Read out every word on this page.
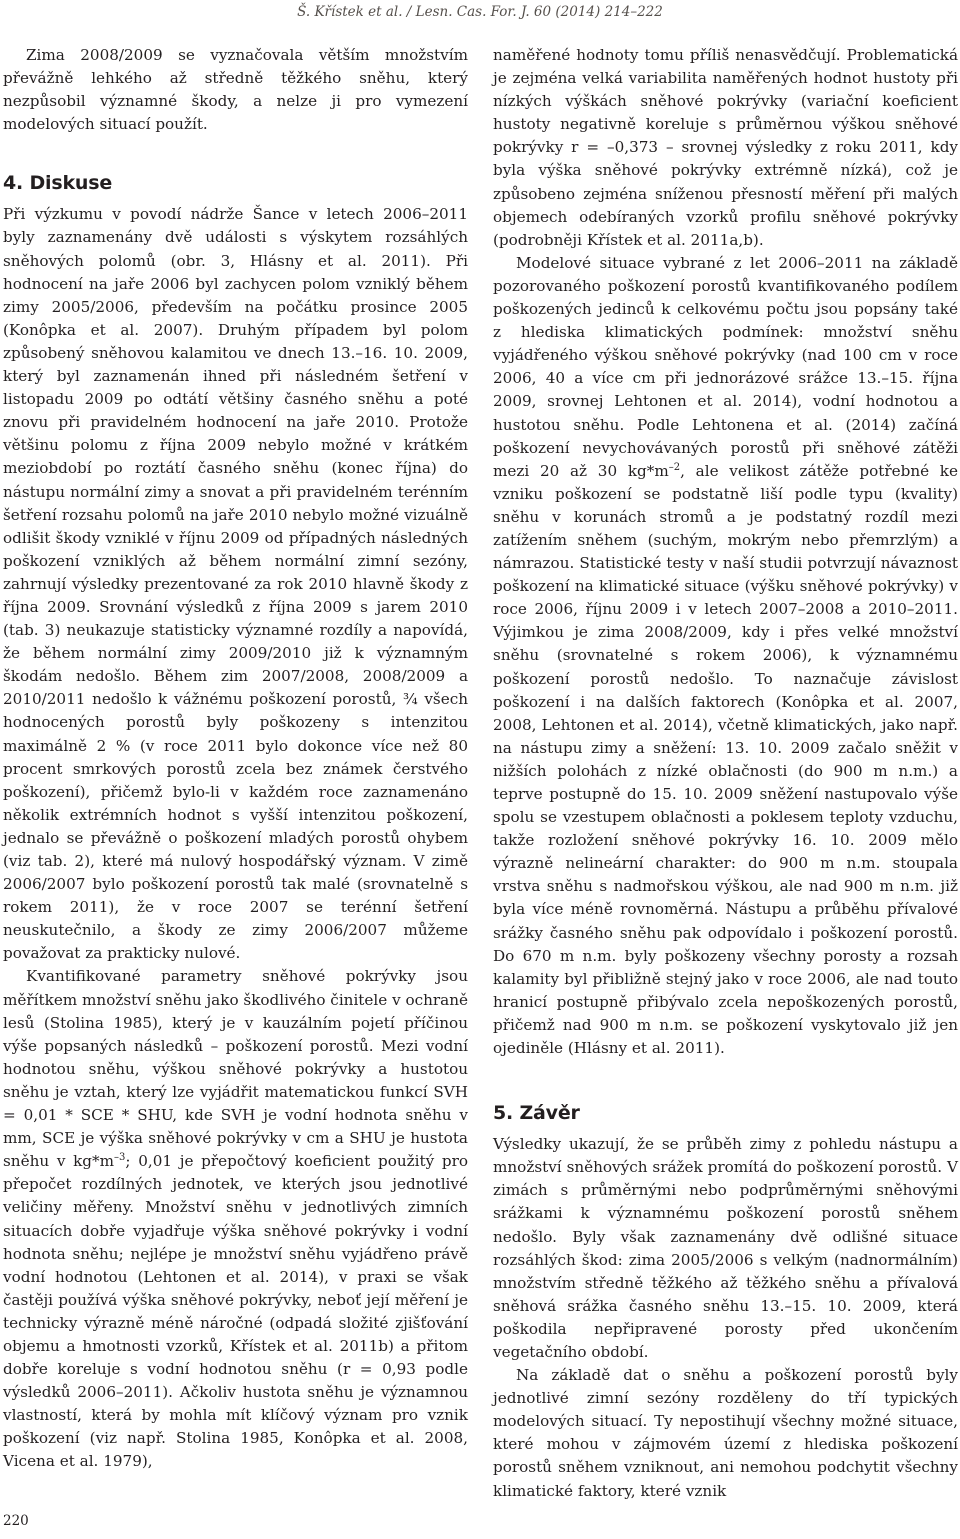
Š. Křístek et al. / Lesn. Cas. For. J. 60 (2014) 214–222

Zima 2008/2009 se vyznačovala větším množstvím převážně lehkého až středně těžkého sněhu, který nezpůsobil významné škody, a nelze ji pro vymezení modelových situací použít.

4. Diskuse

Při výzkumu v povodí nádrže Šance v letech 2006–2011 byly zaznamenány dvě události s výskytem rozsáhlých sněhových polomů (obr. 3, Hlásny et al. 2011). Při hodnocení na jaře 2006 byl zachycen polom vzniklý během zimy 2005/2006, především na počátku prosince 2005 (Konôpka et al. 2007). Druhým případem byl polom způsobený sněhovou kalamitou ve dnech 13.–16. 10. 2009, který byl zaznamenán ihned při následném šetření v listopadu 2009 po odtátí většiny časného sněhu a poté znovu při pravidelném hodnocení na jaře 2010. Protože většinu polomu z října 2009 nebylo možné v krátkém meziobdobí po roztátí časného sněhu (konec října) do nástupu normální zimy a snovat a při pravidelném terénním šetření rozsahu polomů na jaře 2010 nebylo možné vizuálně odlišit škody vzniklé v říjnu 2009 od případných následných poškození vzniklých až během normální zimní sezóny, zahrnují výsledky prezentované za rok 2010 hlavně škody z října 2009. Srovnání výsledků z října 2009 s jarem 2010 (tab. 3) neukazuje statisticky významné rozdíly a napovídá, že během normální zimy 2009/2010 již k významným škodám nedošlo. Během zim 2007/2008, 2008/2009 a 2010/2011 nedošlo k vážnému poškození porostů, ¾ všech hodnocených porostů byly poškozeny s intenzitou maximálně 2 % (v roce 2011 bylo dokonce více než 80 procent smrkových porostů zcela bez známek čerstvého poškození), přičemž bylo-li v každém roce zaznamenáno několik extrémních hodnot s vyšší intenzitou poškození, jednalo se převážně o poškození mladých porostů ohybem (viz tab. 2), které má nulový hospodářský význam. V zimě 2006/2007 bylo poškození porostů tak malé (srovnatelně s rokem 2011), že v roce 2007 se terénní šetření neuskutečnilo, a škody ze zimy 2006/2007 můžeme považovat za prakticky nulové.

Kvantifikované parametry sněhové pokrývky jsou měřítkem množství sněhu jako škodlivého činitele v ochraně lesů (Stolina 1985), který je v kauzálním pojetí příčinou výše popsaných následků – poškození porostů. Mezi vodní hodnotou sněhu, výškou sněhové pokrývky a hustotou sněhu je vztah, který lze vyjádřit matematickou funkcí SVH = 0,01 * SCE * SHU, kde SVH je vodní hodnota sněhu v mm, SCE je výška sněhové pokrývky v cm a SHU je hustota sněhu v $kg*m^{-3}$; 0,01 je přepočtový koeficient použitý pro přepočet rozdílných jednotek, ve kterých jsou jednotlivé veličiny měřeny. Množství sněhu v jednotlivých zimních situacích dobře vyjadřuje výška sněhové pokrývky i vodní hodnota sněhu; nejlépe je množství sněhu vyjádřeno právě vodní hodnotou (Lehtonen et al. 2014), v praxi se však častěji používá výška sněhové pokrývky, neboť její měření je technicky výrazně méně náročné (odpadá složité zjišťování objemu a hmotnosti vzorků, Křístek et al. 2011b) a přitom dobře koreluje s vodní hodnotou sněhu (r = 0,93 podle výsledků 2006–2011). Ačkoliv hustota sněhu je významnou vlastností, která by mohla mít klíčový význam pro vznik poškození (viz např. Stolina 1985, Konôpka et al. 2008, Vicena et al. 1979),

naměřené hodnoty tomu příliš nenasvědčují. Problematická je zejména velká variabilita naměřených hodnot hustoty při nízkých výškách sněhové pokrývky (variační koeficient hustoty negativně koreluje s průměrnou výškou sněhové pokrývky r = –0,373 – srovnej výsledky z roku 2011, kdy byla výška sněhové pokrývky extrémně nízká), což je způsobeno zejména sníženou přesností měření při malých objemech odebíraných vzorků profilu sněhové pokrývky (podrobněji Křístek et al. 2011a,b).

Modelové situace vybrané z let 2006–2011 na základě pozorovaného poškození porostů kvantifikovaného podílem poškozených jedinců k celkovému počtu jsou popsány také z hlediska klimatických podmínek: množství sněhu vyjádřeného výškou sněhové pokrývky (nad 100 cm v roce 2006, 40 a více cm při jednorázové srážce 13.–15. října 2009, srovnej Lehtonen et al. 2014), vodní hodnotou a hustotou sněhu. Podle Lehtonena et al. (2014) začíná poškození nevychovávaných porostů při sněhové zátěži mezi 20 až 30 $kg*m^{-2}$, ale velikost zátěže potřebné ke vzniku poškození se podstatně liší podle typu (kvality) sněhu v korunách stromů a je podstatný rozdíl mezi zatížením sněhem (suchým, mokrým nebo přemrzlým) a námrazou. Statistické testy v naší studii potvrzují návaznost poškození na klimatické situace (výšku sněhové pokrývky) v roce 2006, říjnu 2009 i v letech 2007–2008 a 2010–2011. Výjimkou je zima 2008/2009, kdy i přes velké množství sněhu (srovnatelné s rokem 2006), k významnému poškození porostů nedošlo. To naznačuje závislost poškození i na dalších faktorech (Konôpka et al. 2007, 2008, Lehtonen et al. 2014), včetně klimatických, jako např. na nástupu zimy a sněžení: 13. 10. 2009 začalo sněžit v nižších polohách z nízké oblačnosti (do 900 m n.m.) a teprve postupně do 15. 10. 2009 sněžení nastupovalo výše spolu se vzestupem oblačnosti a poklesem teploty vzduchu, takže rozložení sněhové pokrývky 16. 10. 2009 mělo výrazně nelineární charakter: do 900 m n.m. stoupala vrstva sněhu s nadmořskou výškou, ale nad 900 m n.m. již byla více méně rovnoměrná. Nástupu a průběhu přívalové srážky časného sněhu pak odpovídalo i poškození porostů. Do 670 m n.m. byly poškozeny všechny porosty a rozsah kalamity byl přibližně stejný jako v roce 2006, ale nad touto hranicí postupně přibývalo zcela nepoškozených porostů, přičemž nad 900 m n.m. se poškození vyskytovalo již jen ojediněle (Hlásny et al. 2011).

5. Závěr

Výsledky ukazují, že se průběh zimy z pohledu nástupu a množství sněhových srážek promítá do poškození porostů. V zimách s průměrnými nebo podprůměrnými sněhovými srážkami k významnému poškození porostů sněhem nedošlo. Byly však zaznamenány dvě odlišné situace rozsáhlých škod: zima 2005/2006 s velkým (nadnormálním) množstvím středně těžkého až těžkého sněhu a přívalová sněhová srážka časného sněhu 13.–15. 10. 2009, která poškodila nepřipravené porosty před ukončením vegetačního období.

Na základě dat o sněhu a poškození porostů byly jednotlivé zimní sezóny rozděleny do tří typických modelových situací. Ty nepostihují všechny možné situace, které mohou v zájmovém území z hlediska poškození porostů sněhem vzniknout, ani nemohou podchytit všechny klimatické faktory, které vznik

220
